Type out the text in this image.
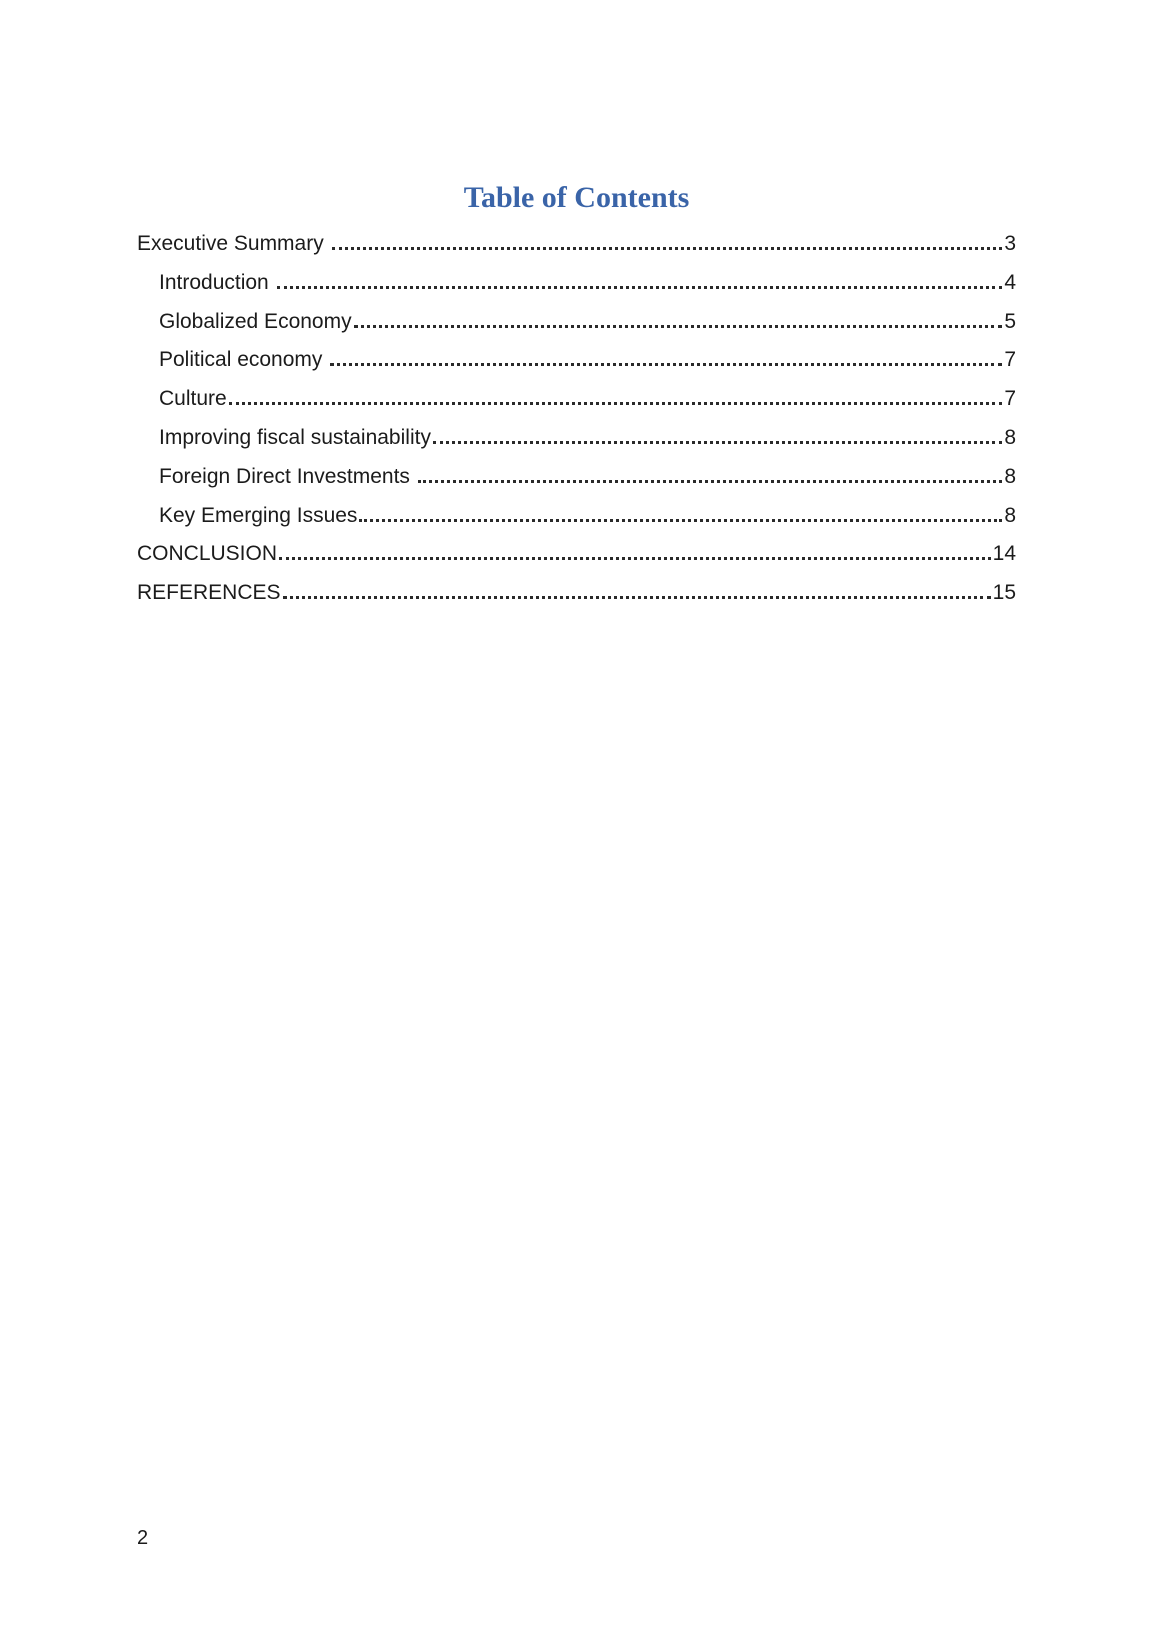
Table of Contents
Executive Summary	3
Introduction	4
Globalized Economy	5
Political economy	7
Culture	7
Improving fiscal sustainability	8
Foreign Direct Investments	8
Key Emerging Issues	8
CONCLUSION	14
REFERENCES	15
2
